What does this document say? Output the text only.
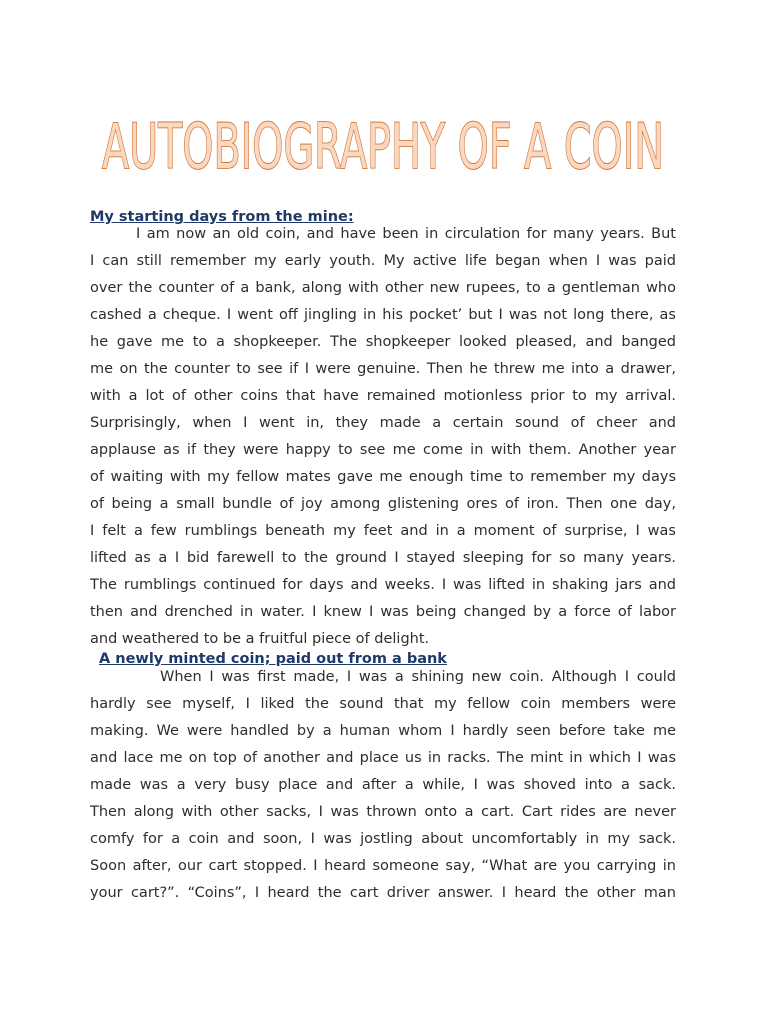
AUTOBIOGRAPHY OF A COIN
My starting days from the mine:
I am now an old coin, and have been in circulation for many years. But
I can still remember my early youth. My active life began when I was paid
over the counter of a bank, along with other new rupees, to a gentleman who
cashed a cheque. I went off jingling in his pocket’ but I was not long there, as
he gave me to a shopkeeper. The shopkeeper looked pleased, and banged
me on the counter to see if I were genuine. Then he threw me into a drawer,
with a lot of other coins that have remained motionless prior to my arrival.
Surprisingly, when I went in, they made a certain sound of cheer and
applause as if they were happy to see me come in with them. Another year
of waiting with my fellow mates gave me enough time to remember my days
of being a small bundle of joy among glistening ores of iron. Then one day,
I felt a few rumblings beneath my feet and in a moment of surprise, I was
lifted as a I bid farewell to the ground I stayed sleeping for so many years.
The rumblings continued for days and weeks. I was lifted in shaking jars and
then and drenched in water. I knew I was being changed by a force of labor
and weathered to be a fruitful piece of delight.
A newly minted coin; paid out from a bank
When I was first made, I was a shining new coin. Although I could
hardly see myself, I liked the sound that my fellow coin members were
making. We were handled by a human whom I hardly seen before take me
and lace me on top of another and place us in racks. The mint in which I was
made was a very busy place and after a while, I was shoved into a sack.
Then along with other sacks, I was thrown onto a cart. Cart rides are never
comfy for a coin and soon, I was jostling about uncomfortably in my sack.
Soon after, our cart stopped. I heard someone say, “What are you carrying in
your cart?”. “Coins”, I heard the cart driver answer. I heard the other man
